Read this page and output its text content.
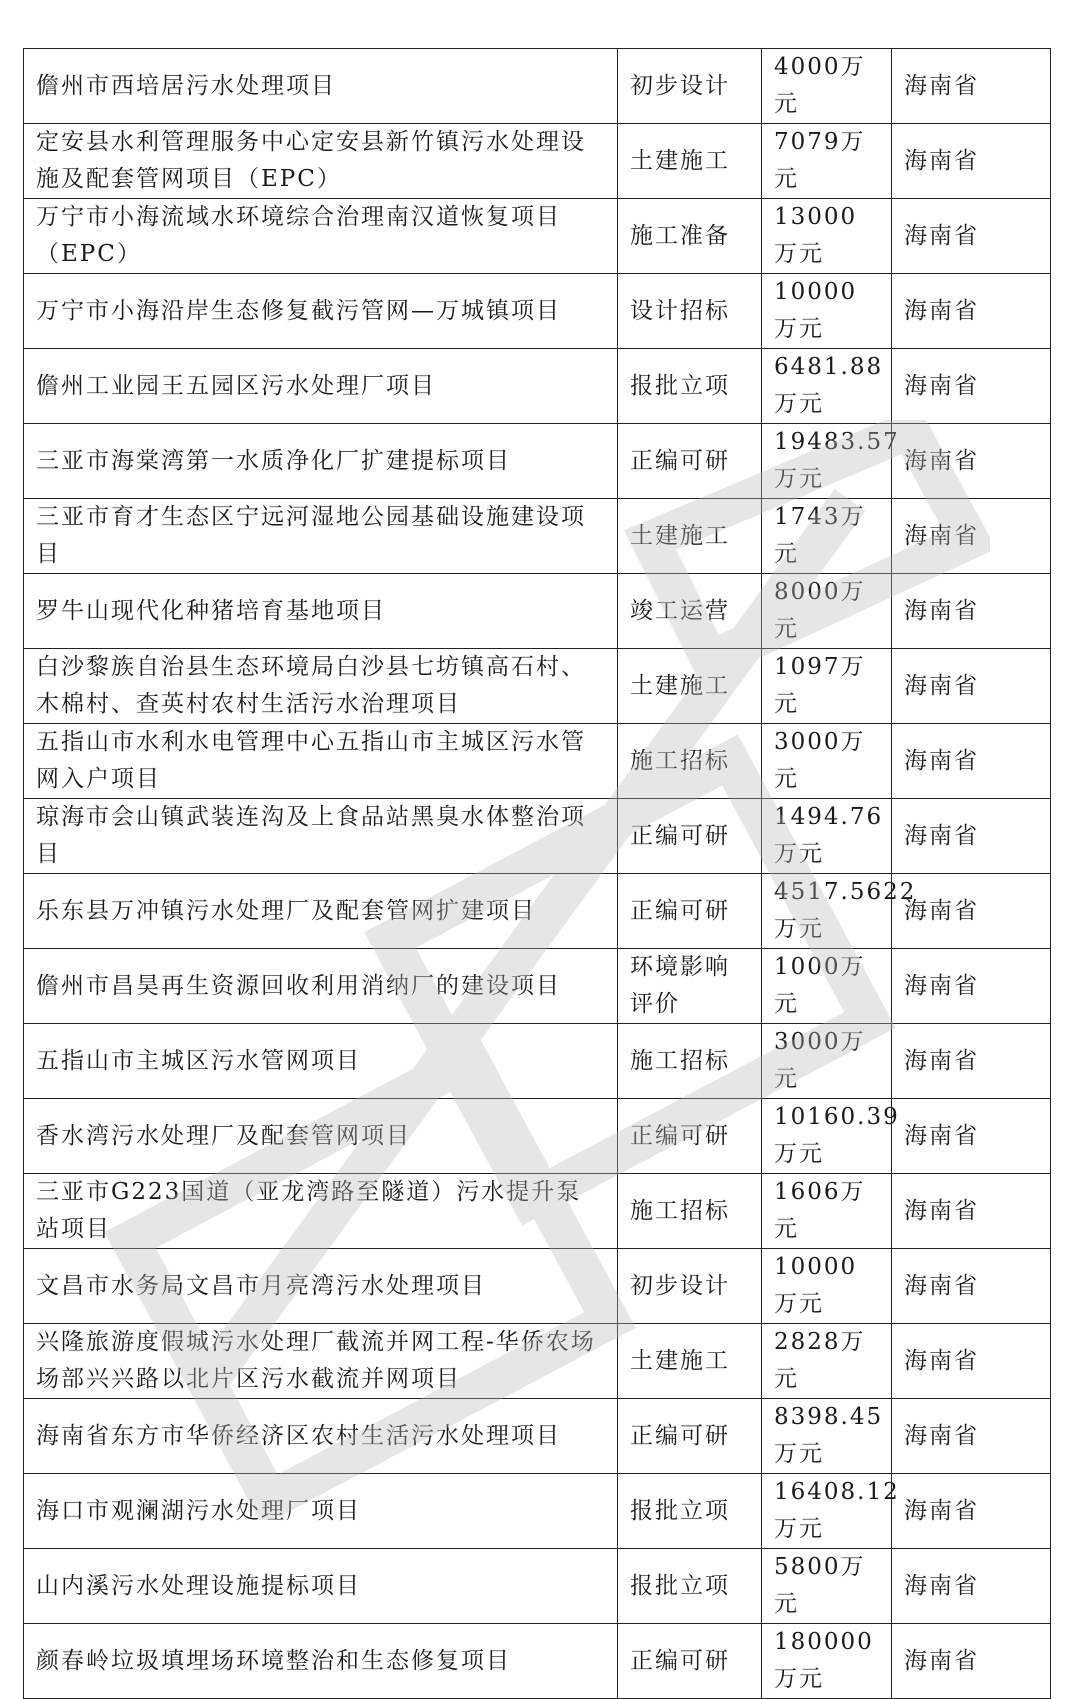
儋州市西培居污水处理项目	初步设计	4000万元	海南省
定安县水利管理服务中心定安县新竹镇污水处理设施及配套管网项目（EPC）	土建施工	7079万元	海南省
万宁市小海流域水环境综合治理南汉道恢复项目（EPC）	施工准备	13000万元	海南省
万宁市小海沿岸生态修复截污管网—万城镇项目	设计招标	10000万元	海南省
儋州工业园王五园区污水处理厂项目	报批立项	6481.88万元	海南省
三亚市海棠湾第一水质净化厂扩建提标项目	正编可研	19483.57万元	海南省
三亚市育才生态区宁远河湿地公园基础设施建设项目	土建施工	1743万元	海南省
罗牛山现代化种猪培育基地项目	竣工运营	8000万元	海南省
白沙黎族自治县生态环境局白沙县七坊镇高石村、木棉村、查英村农村生活污水治理项目	土建施工	1097万元	海南省
五指山市水利水电管理中心五指山市主城区污水管网入户项目	施工招标	3000万元	海南省
琼海市会山镇武装连沟及上食品站黑臭水体整治项目	正编可研	1494.76万元	海南省
乐东县万冲镇污水处理厂及配套管网扩建项目	正编可研	4517.5622万元	海南省
儋州市昌昊再生资源回收利用消纳厂的建设项目	环境影响评价	1000万元	海南省
五指山市主城区污水管网项目	施工招标	3000万元	海南省
香水湾污水处理厂及配套管网项目	正编可研	10160.39万元	海南省
三亚市G223国道（亚龙湾路至隧道）污水提升泵站项目	施工招标	1606万元	海南省
文昌市水务局文昌市月亮湾污水处理项目	初步设计	10000万元	海南省
兴隆旅游度假城污水处理厂截流并网工程-华侨农场场部兴兴路以北片区污水截流并网项目	土建施工	2828万元	海南省
海南省东方市华侨经济区农村生活污水处理项目	正编可研	8398.45万元	海南省
海口市观澜湖污水处理厂项目	报批立项	16408.12万元	海南省
山内溪污水处理设施提标项目	报批立项	5800万元	海南省
颜春岭垃圾填埋场环境整治和生态修复项目	正编可研	180000万元	海南省
